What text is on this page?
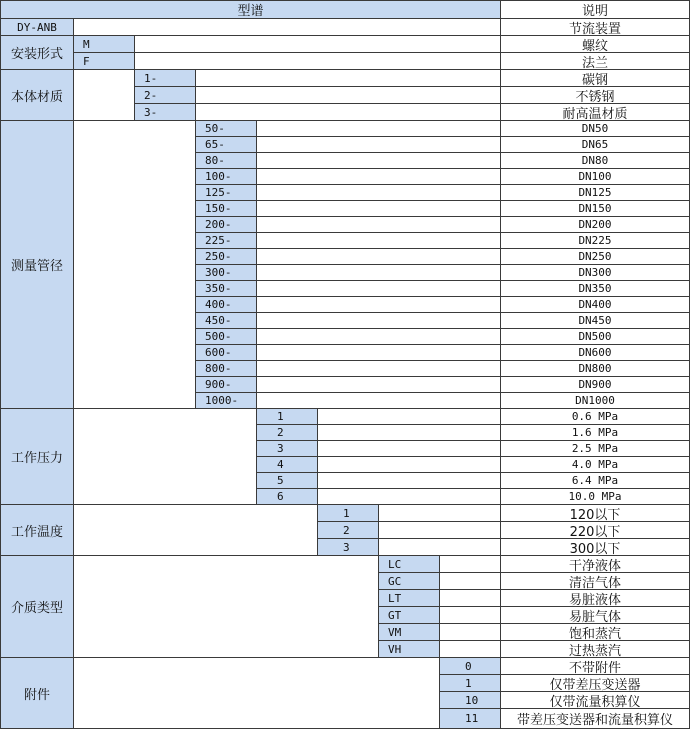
型谱	说明
DY-ANB	节流装置
安装形式
M	螺纹
F	法兰
本体材质
1-	碳钢
2-	不锈钢
3-	耐高温材质
测量管径
50-	DN50
65-	DN65
80-	DN80
100-	DN100
125-	DN125
150-	DN150
200-	DN200
225-	DN225
250-	DN250
300-	DN300
350-	DN350
400-	DN400
450-	DN450
500-	DN500
600-	DN600
800-	DN800
900-	DN900
1000-	DN1000
工作压力
1	0.6 MPa
2	1.6 MPa
3	2.5 MPa
4	4.0 MPa
5	6.4 MPa
6	10.0 MPa
工作温度
1	120以下
2	220以下
3	300以下
介质类型
LC	干净液体
GC	清洁气体
LT	易脏液体
GT	易脏气体
VM	饱和蒸汽
VH	过热蒸汽
附件
0	不带附件
1	仅带差压变送器
10	仅带流量积算仪
11	带差压变送器和流量积算仪
